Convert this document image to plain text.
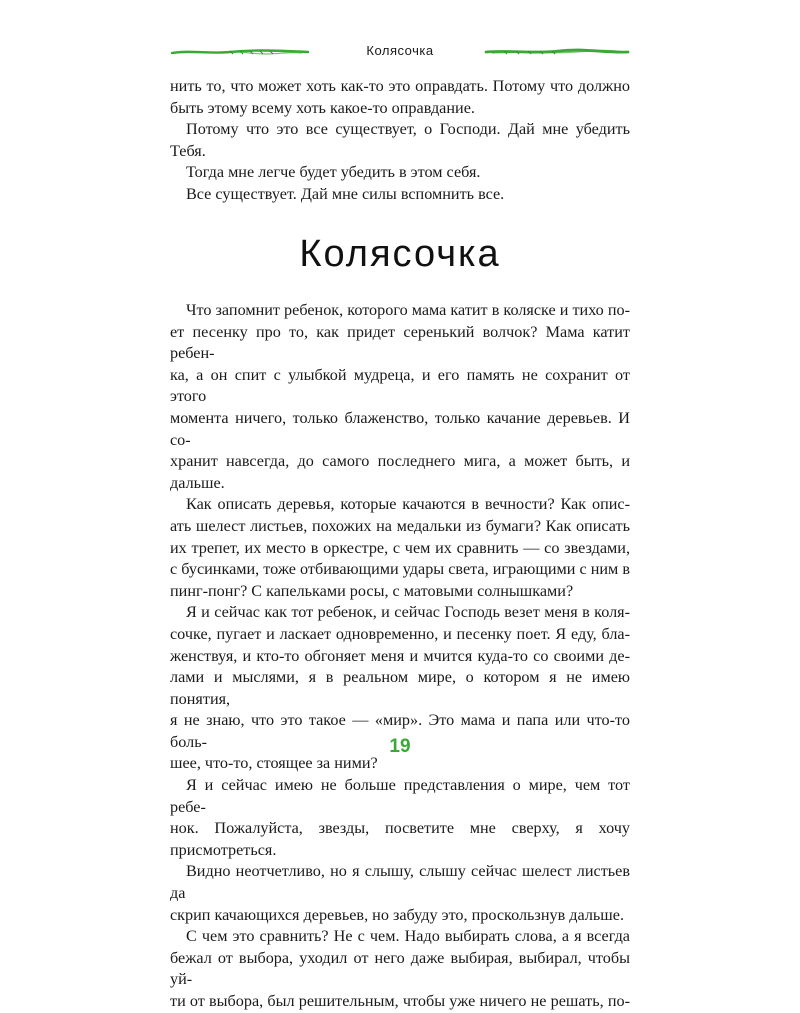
Колясочка

нить то, что может хоть как-то это оправдать. Потому что должно

быть этому всему хоть какое-то оправдание.

Потому что это все существует, о Господи. Дай мне убедить Тебя.

Тогда мне легче будет убедить в этом себя.

Все существует. Дай мне силы вспомнить все.

Колясочка

Что запомнит ребенок, которого мама катит в коляске и тихо по-

ет песенку про то, как придет серенький волчок? Мама катит ребен-

ка, а он спит с улыбкой мудреца, и его память не сохранит от этого

момента ничего, только блаженство, только качание деревьев. И со-

хранит навсегда, до самого последнего мига, а может быть, и дальше.

Как описать деревья, которые качаются в вечности? Как опис-

ать шелест листьев, похожих на медальки из бумаги? Как описать

их трепет, их место в оркестре, с чем их сравнить — со звездами,

с бусинками, тоже отбивающими удары света, играющими с ним в

пинг-понг? С капельками росы, с матовыми солнышками?

Я и сейчас как тот ребенок, и сейчас Господь везет меня в коля-

сочке, пугает и ласкает одновременно, и песенку поет. Я еду, бла-

женствуя, и кто-то обгоняет меня и мчится куда-то со своими де-

лами и мыслями, я в реальном мире, о котором я не имею понятия,

я не знаю, что это такое — «мир». Это мама и папа или что-то боль-

шее, что-то, стоящее за ними?

Я и сейчас имею не больше представления о мире, чем тот ребе-

нок. Пожалуйста, звезды, посветите мне сверху, я хочу присмотреться.

Видно неотчетливо, но я слышу, слышу сейчас шелест листьев да

скрип качающихся деревьев, но забуду это, проскользнув дальше.

С чем это сравнить? Не с чем. Надо выбирать слова, а я всегда

бежал от выбора, уходил от него даже выбирая, выбирал, чтобы уй-

ти от выбора, был решительным, чтобы уже ничего не решать, по-

19
